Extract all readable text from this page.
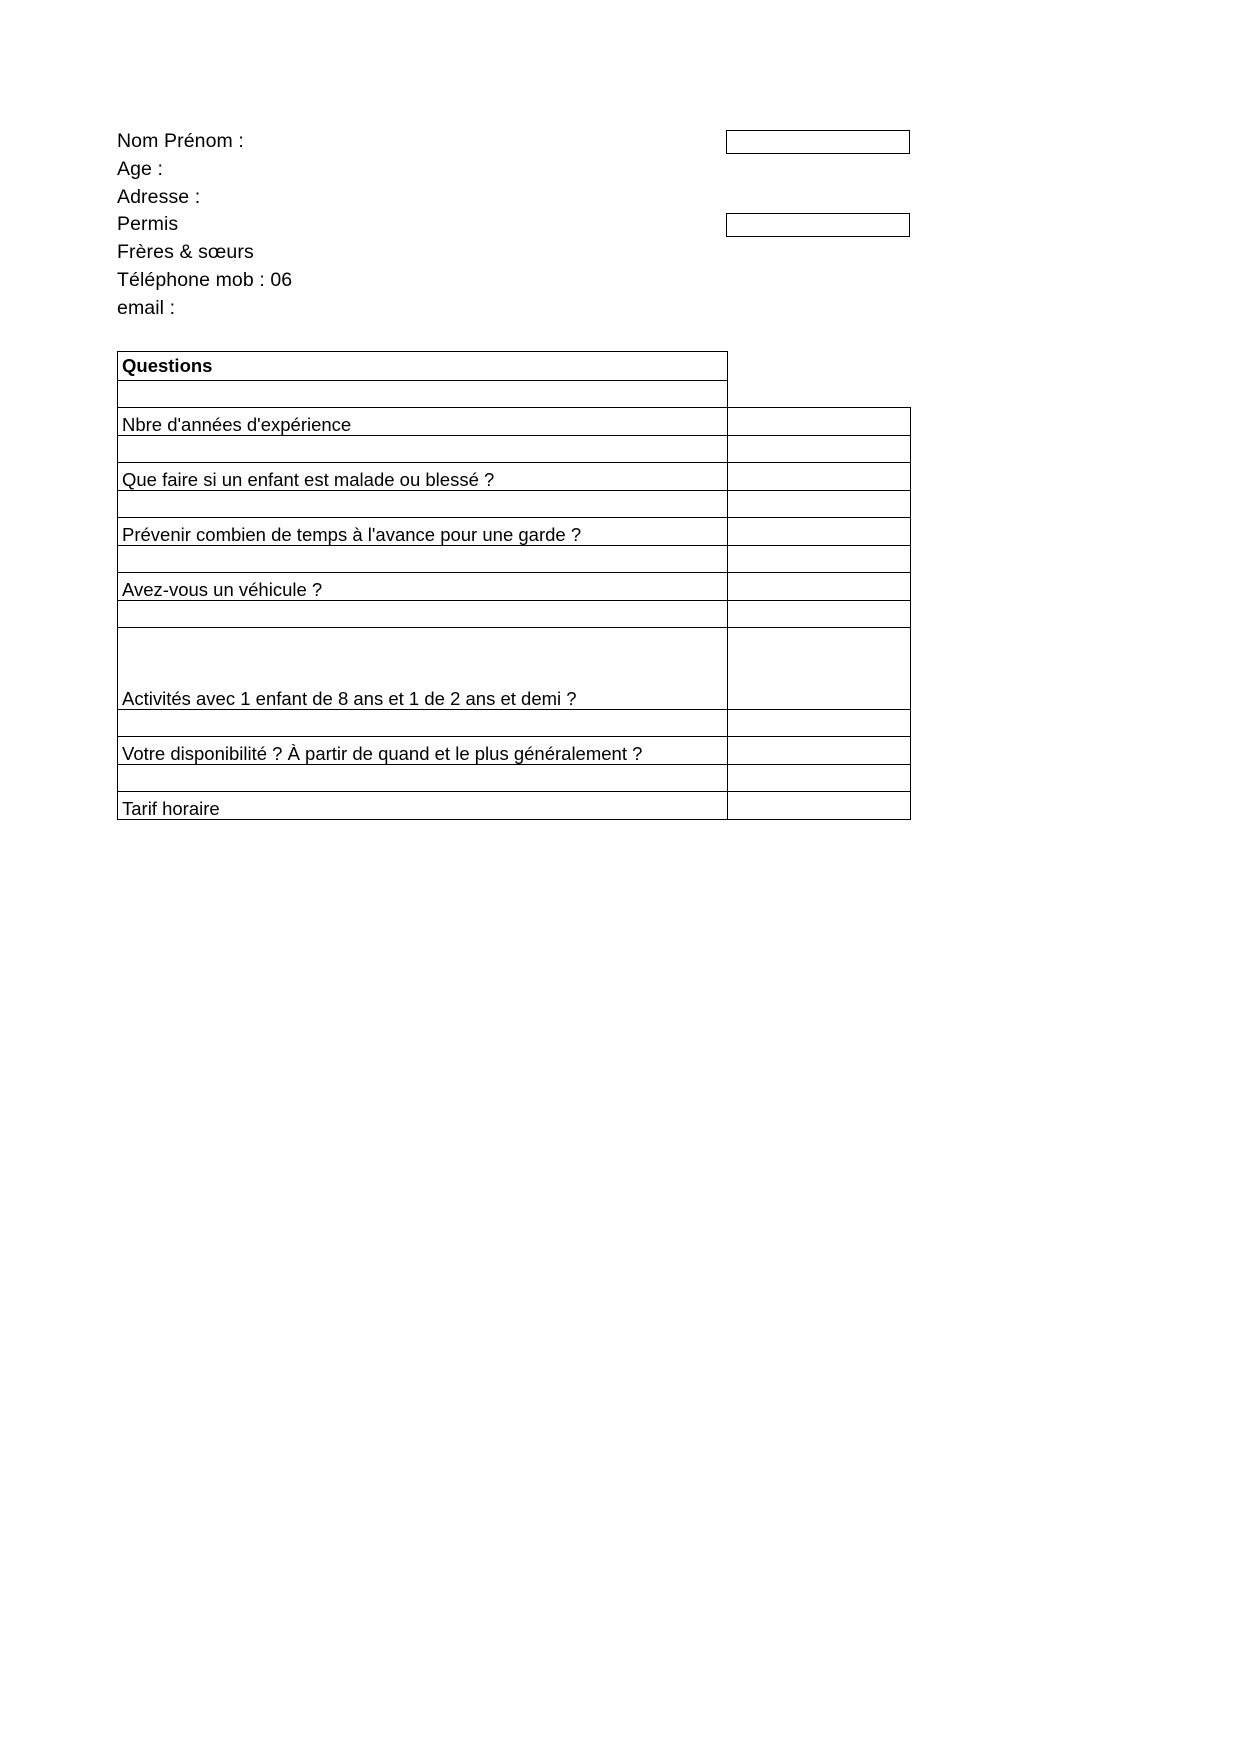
Nom Prénom :
Age :
Adresse :
Permis
Frères & sœurs
Téléphone mob : 06
email :
Questions	

Nbre d'années d'expérience	

Que faire si un enfant est malade ou blessé ?	

Prévenir combien de temps à l'avance pour une garde ?	

Avez-vous un véhicule ?	

Activités avec 1 enfant de 8 ans et 1 de 2 ans et demi ?	

Votre disponibilité ? À partir de quand et le plus généralement ?	

Tarif horaire	
